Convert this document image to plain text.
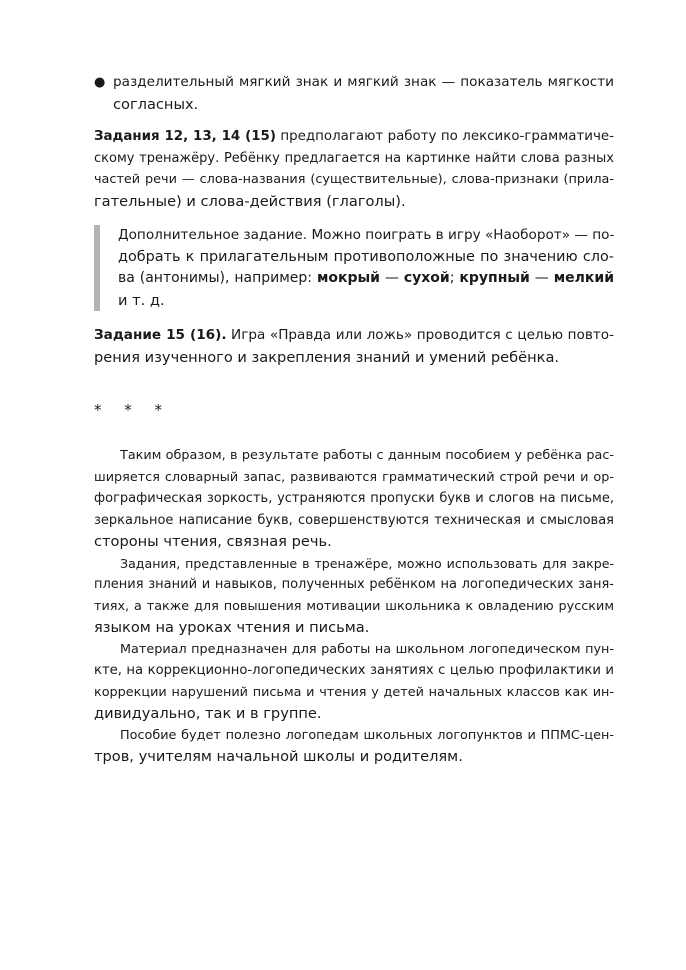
● разделительный мягкий знак и мягкий знак — показатель мягкости
согласных.
Задания 12, 13, 14 (15) предполагают работу по лексико-грамматиче-
скому тренажёру. Ребёнку предлагается на картинке найти слова разных
частей речи — слова-названия (существительные), слова-признаки (прила-
гательные) и слова-действия (глаголы).
Дополнительное задание. Можно поиграть в игру «Наоборот» — по-
добрать к прилагательным противоположные по значению сло-
ва (антонимы), например: мокрый — сухой; крупный — мелкий
и т. д.
Задание 15 (16). Игра «Правда или ложь» проводится с целью повто-
рения изученного и закрепления знаний и умений ребёнка.
* * *
Таким образом, в результате работы с данным пособием у ребёнка рас-
ширяется словарный запас, развиваются грамматический строй речи и ор-
фографическая зоркость, устраняются пропуски букв и слогов на письме,
зеркальное написание букв, совершенствуются техническая и смысловая
стороны чтения, связная речь.
Задания, представленные в тренажёре, можно использовать для закре-
пления знаний и навыков, полученных ребёнком на логопедических заня-
тиях, а также для повышения мотивации школьника к овладению русским
языком на уроках чтения и письма.
Материал предназначен для работы на школьном логопедическом пун-
кте, на коррекционно-логопедических занятиях с целью профилактики и
коррекции нарушений письма и чтения у детей начальных классов как ин-
дивидуально, так и в группе.
Пособие будет полезно логопедам школьных логопунктов и ППМС-цен-
тров, учителям начальной школы и родителям.
